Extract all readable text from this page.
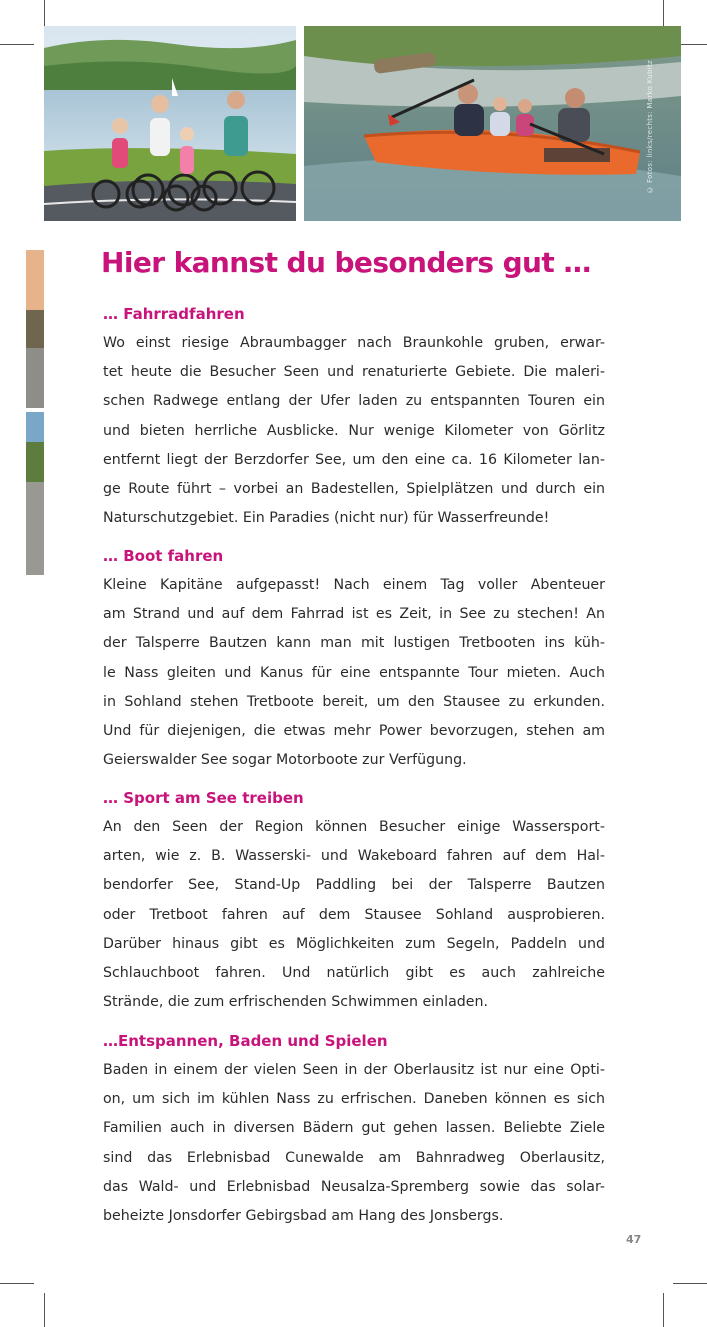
© Fotos: links/rechts: Marko Kubitz
Hier kannst du besonders gut …
… Fahrradfahren
Wo einst riesige Abraumbagger nach Braunkohle gruben, erwar-
tet heute die Besucher Seen und renaturierte Gebiete. Die maleri-
schen Radwege entlang der Ufer laden zu entspannten Touren ein
und bieten herrliche Ausblicke. Nur wenige Kilometer von Görlitz
entfernt liegt der Berzdorfer See, um den eine ca. 16 Kilometer lan-
ge Route führt – vorbei an Badestellen, Spielplätzen und durch ein
Naturschutzgebiet. Ein Paradies (nicht nur) für Wasserfreunde!
… Boot fahren
Kleine Kapitäne aufgepasst! Nach einem Tag voller Abenteuer
am Strand und auf dem Fahrrad ist es Zeit, in See zu stechen! An
der Talsperre Bautzen kann man mit lustigen Tretbooten ins küh-
le Nass gleiten und Kanus für eine entspannte Tour mieten. Auch
in Sohland stehen Tretboote bereit, um den Stausee zu erkunden.
Und für diejenigen, die etwas mehr Power bevorzugen, stehen am
Geierswalder See sogar Motorboote zur Verfügung.
… Sport am See treiben
An den Seen der Region können Besucher einige Wassersport-
arten, wie z. B. Wasserski- und Wakeboard fahren auf dem Hal-
bendorfer See, Stand-Up Paddling bei der Talsperre Bautzen
oder Tretboot fahren auf dem Stausee Sohland ausprobieren.
Darüber hinaus gibt es Möglichkeiten zum Segeln, Paddeln und
Schlauchboot fahren. Und natürlich gibt es auch zahlreiche
Strände, die zum erfrischenden Schwimmen einladen.
…Entspannen, Baden und Spielen
Baden in einem der vielen Seen in der Oberlausitz ist nur eine Opti-
on, um sich im kühlen Nass zu erfrischen. Daneben können es sich
Familien auch in diversen Bädern gut gehen lassen. Beliebte Ziele
sind das Erlebnisbad Cunewalde am Bahnradweg Oberlausitz,
das Wald- und Erlebnisbad Neusalza-Spremberg sowie das solar-
beheizte Jonsdorfer Gebirgsbad am Hang des Jonsbergs.
47
